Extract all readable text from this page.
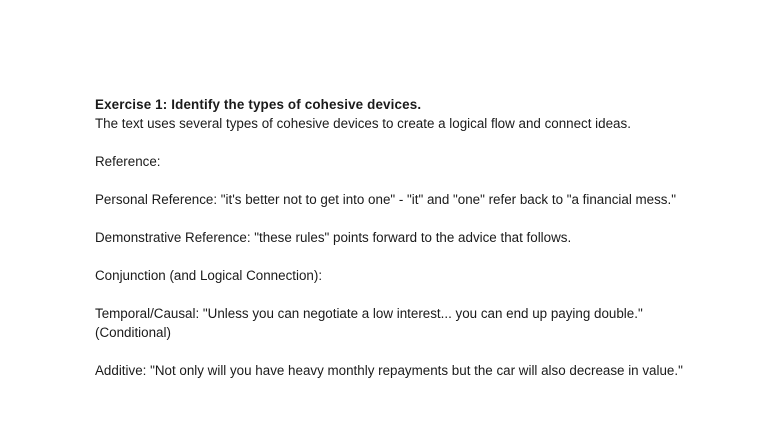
Exercise 1: Identify the types of cohesive devices.

The text uses several types of cohesive devices to create a logical flow and connect ideas.

Reference:

Personal Reference: "it's better not to get into one" - "it" and "one" refer back to "a financial mess."

Demonstrative Reference: "these rules" points forward to the advice that follows.

Conjunction (and Logical Connection):

Temporal/Causal: "Unless you can negotiate a low interest... you can end up paying double." (Conditional)

Additive: "Not only will you have heavy monthly repayments but the car will also decrease in value."
